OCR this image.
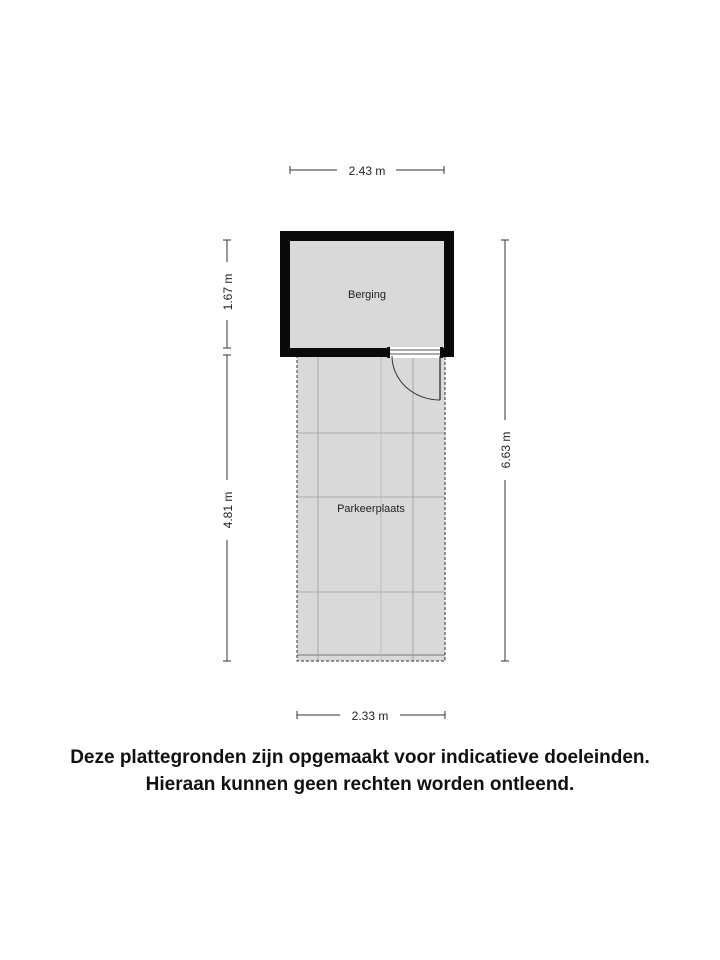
2.43 m
2.33 m
1.67 m
4.81 m
6.63 m
Berging
Parkeerplaats
Deze plattegronden zijn opgemaakt voor indicatieve doeleinden.
Hieraan kunnen geen rechten worden ontleend.
